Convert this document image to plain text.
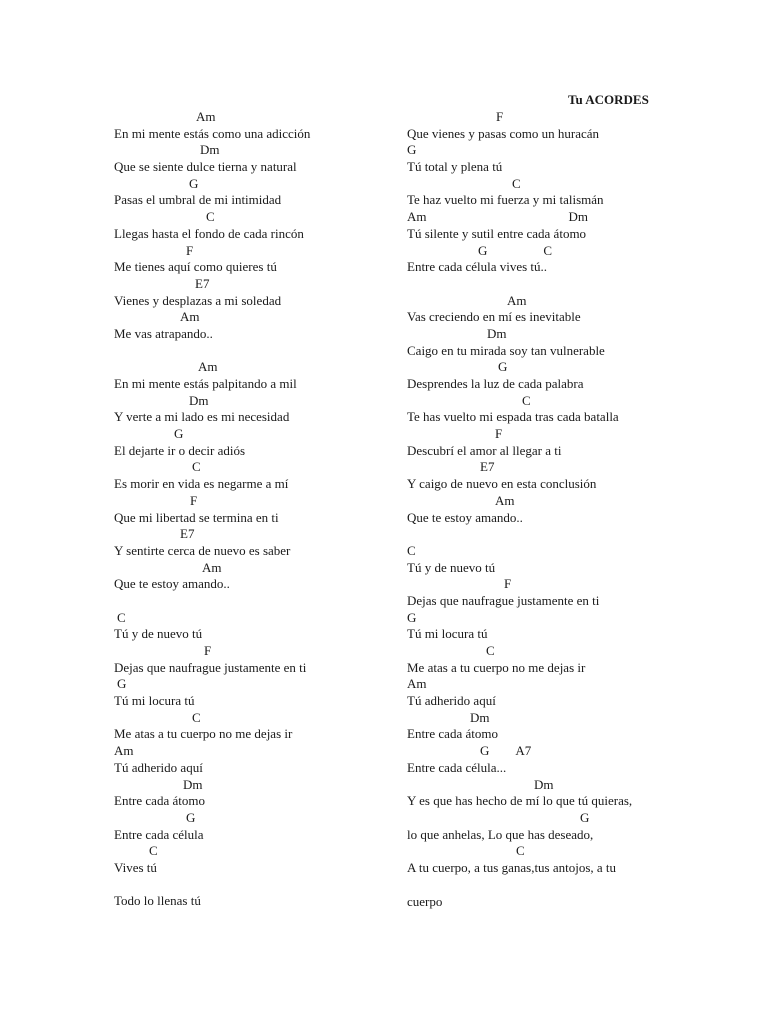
Tu ACORDES
Am
En mi mente estás como una adicción
Dm
Que se siente dulce tierna y natural
G
Pasas el umbral de mi intimidad
C
Llegas hasta el fondo de cada rincón
F
Me tienes aquí como quieres tú
E7
Vienes y desplazas a mi soledad
Am
Me vas atrapando..
Am
En mi mente estás palpitando a mil
Dm
Y verte a mi lado es mi necesidad
G
El dejarte ir o decir adiós
C
Es morir en vida es negarme a mí
F
Que mi libertad se termina en ti
E7
Y sentirte cerca de nuevo es saber
Am
Que te estoy amando..
C
Tú y de nuevo tú
F
Dejas que naufrague justamente en ti
G
Tú mi locura tú
C
Me atas a tu cuerpo no me dejas ir
Am
Tú adherido aquí
Dm
Entre cada átomo
G
Entre cada célula
C
Vives tú
Todo lo llenas tú
F
Que vienes y pasas como un huracán
G
Tú total y plena tú
C
Te haz vuelto mi fuerza y mi talismán
Am	Dm
Tú silente y sutil entre cada átomo
G	C
Entre cada célula vives tú..
Am
Vas creciendo en mí es inevitable
Dm
Caigo en tu mirada soy tan vulnerable
G
Desprendes la luz de cada palabra
C
Te has vuelto mi espada tras cada batalla
F
Descubrí el amor al llegar a ti
E7
Y caigo de nuevo en esta conclusión
Am
Que te estoy amando..
C
Tú y de nuevo tú
F
Dejas que naufrague justamente en ti
G
Tú mi locura tú
C
Me atas a tu cuerpo no me dejas ir
Am
Tú adherido aquí
Dm
Entre cada átomo
G A7
Entre cada célula...
Dm
Y es que has hecho de mí lo que tú quieras,
G
lo que anhelas, Lo que has deseado,
C
A tu cuerpo, a tus ganas,tus antojos, a tu
cuerpo
